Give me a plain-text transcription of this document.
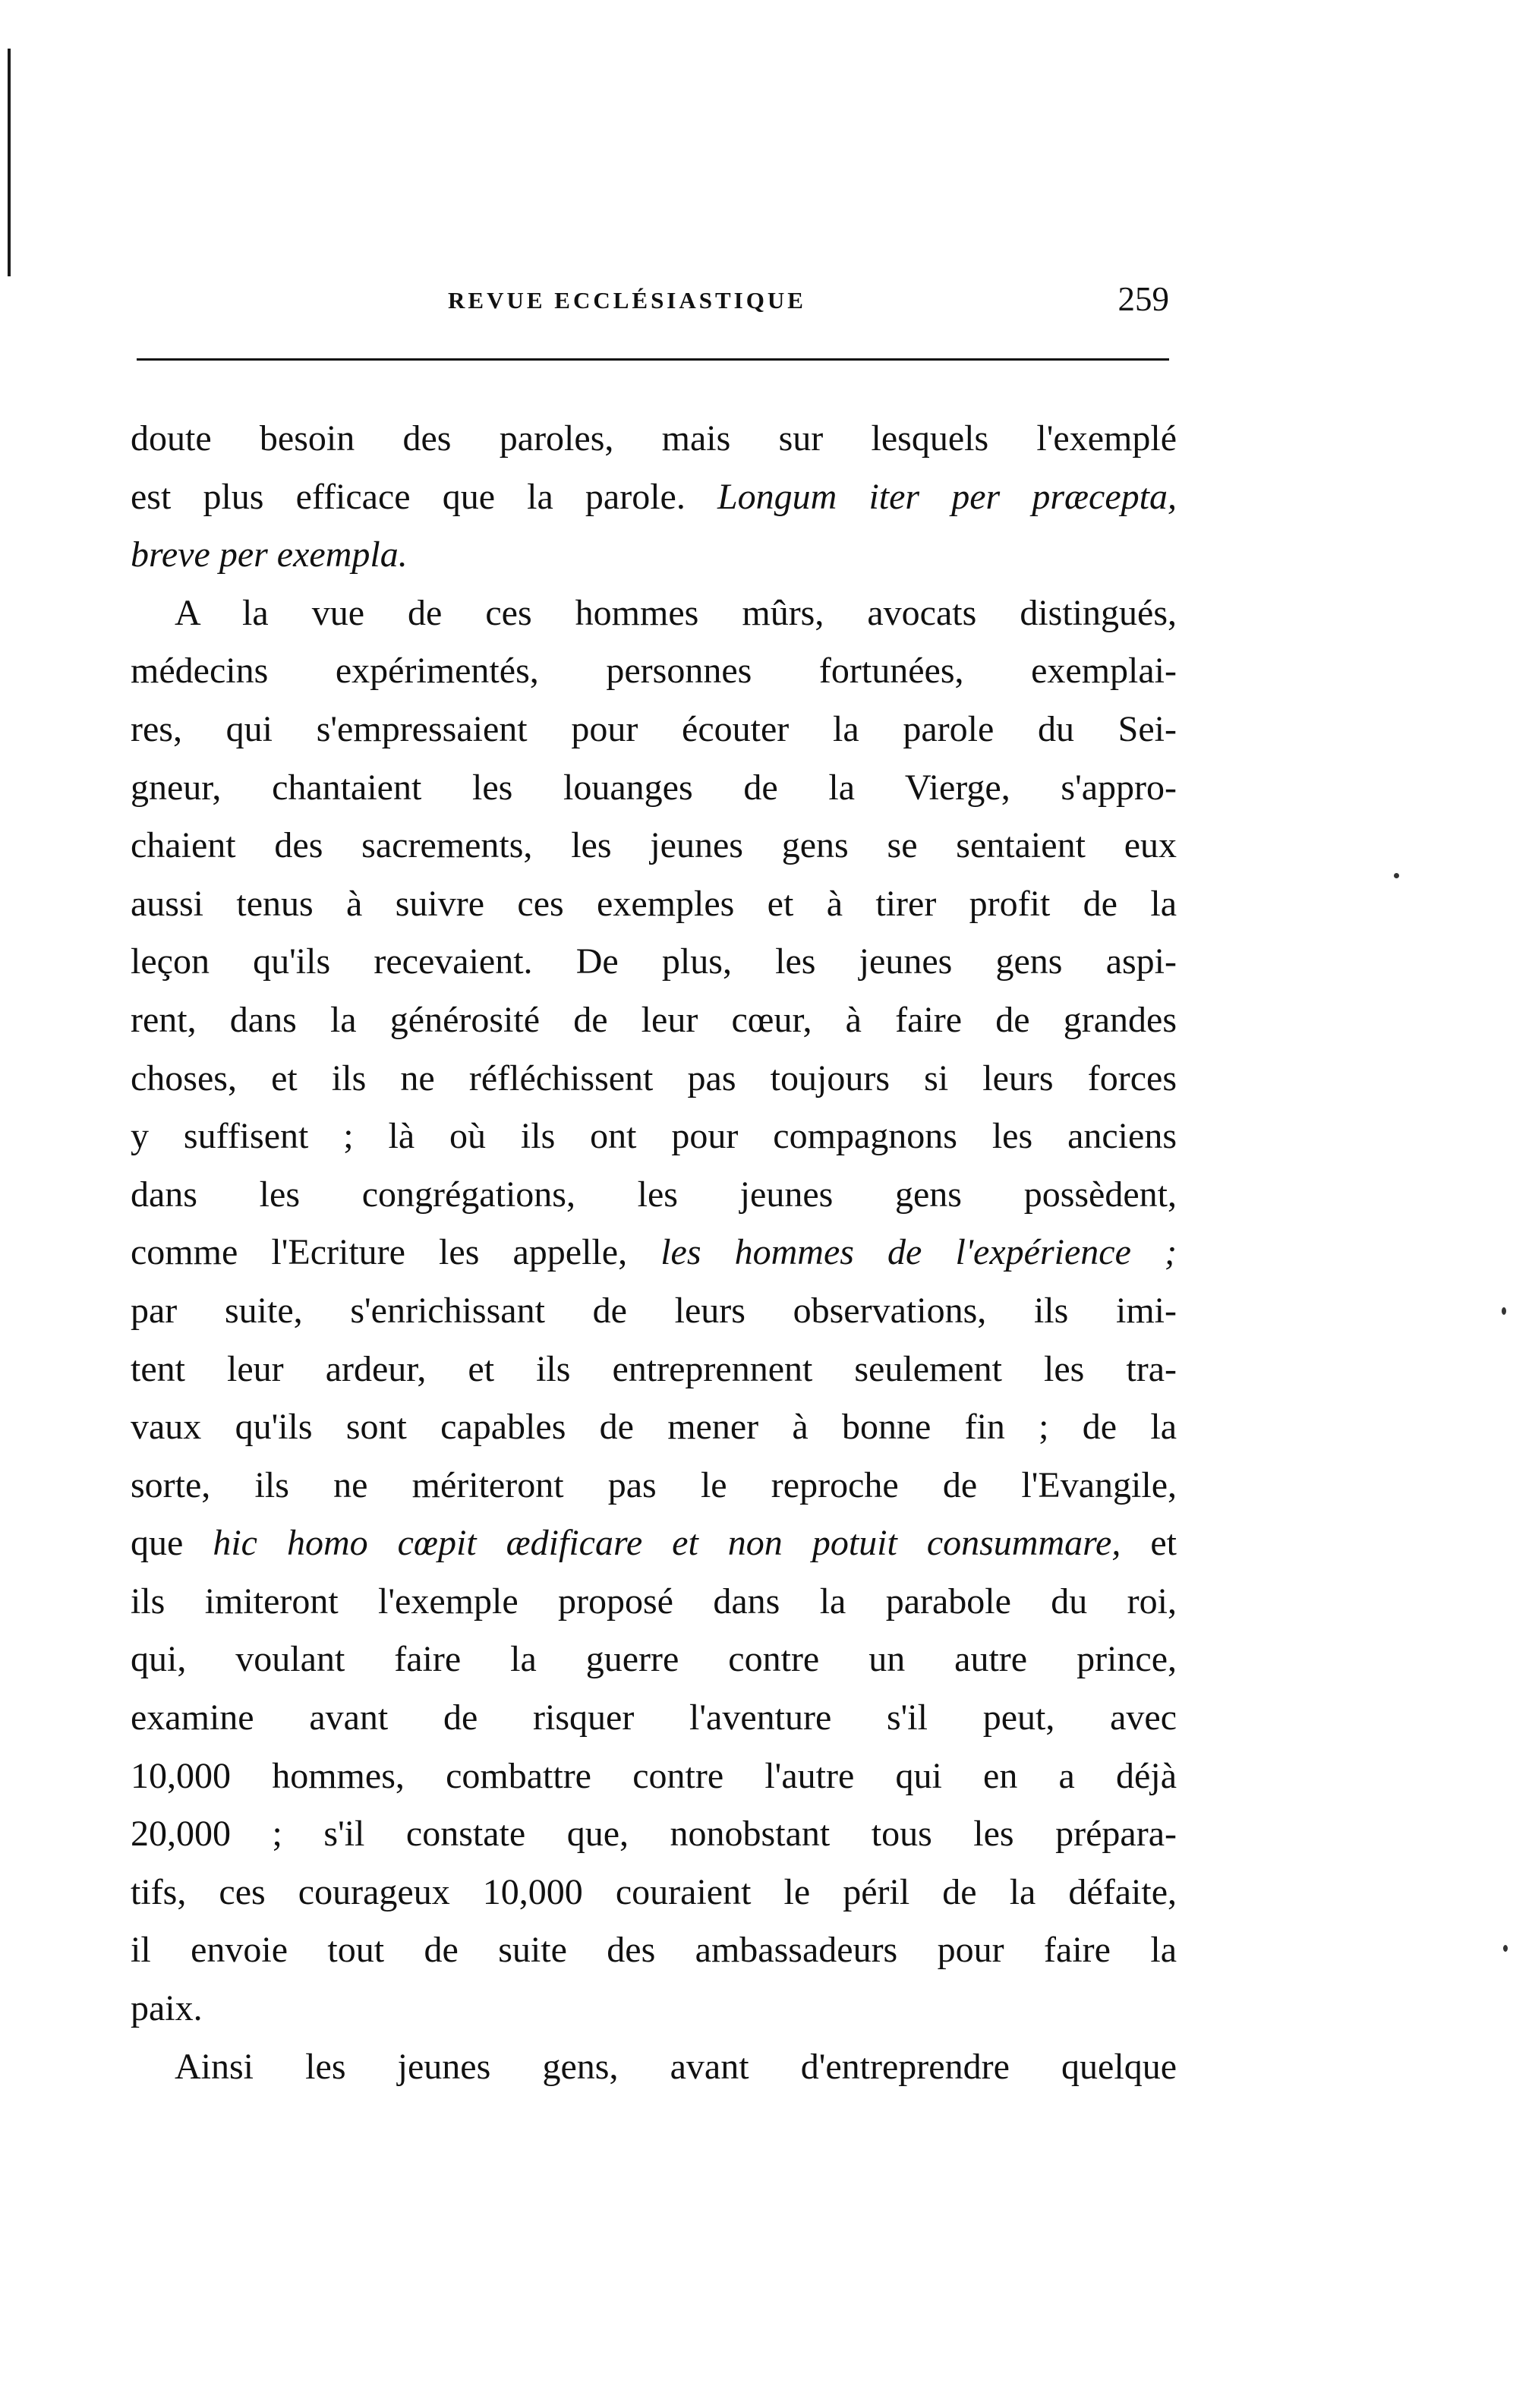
REVUE ECCLÉSIASTIQUE	259
doute besoin des paroles, mais sur lesquels l'exemplé
est plus efficace que la parole. Longum iter per præcepta,
breve per exempla.
A la vue de ces hommes mûrs, avocats distingués,
médecins expérimentés, personnes fortunées, exemplai-
res, qui s'empressaient pour écouter la parole du Sei-
gneur, chantaient les louanges de la Vierge, s'appro-
chaient des sacrements, les jeunes gens se sentaient eux
aussi tenus à suivre ces exemples et à tirer profit de la
leçon qu'ils recevaient. De plus, les jeunes gens aspi-
rent, dans la générosité de leur cœur, à faire de grandes
choses, et ils ne réfléchissent pas toujours si leurs forces
y suffisent ; là où ils ont pour compagnons les anciens
dans les congrégations, les jeunes gens possèdent,
comme l'Ecriture les appelle, les hommes de l'expérience ;
par suite, s'enrichissant de leurs observations, ils imi-
tent leur ardeur, et ils entreprennent seulement les tra-
vaux qu'ils sont capables de mener à bonne fin ; de la
sorte, ils ne mériteront pas le reproche de l'Evangile,
que hic homo cœpit ædificare et non potuit consummare, et
ils imiteront l'exemple proposé dans la parabole du roi,
qui, voulant faire la guerre contre un autre prince,
examine avant de risquer l'aventure s'il peut, avec
10,000 hommes, combattre contre l'autre qui en a déjà
20,000 ; s'il constate que, nonobstant tous les prépara-
tifs, ces courageux 10,000 couraient le péril de la défaite,
il envoie tout de suite des ambassadeurs pour faire la
paix.
Ainsi les jeunes gens, avant d'entreprendre quelque
